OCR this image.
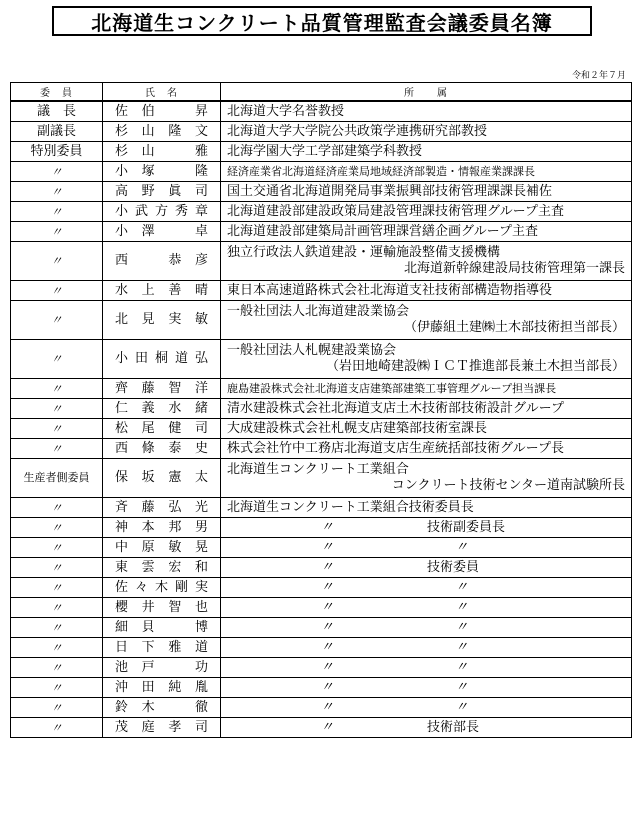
北海道生コンクリート品質管理監査会議委員名簿
令和２年７月
委　員	氏　名	所　　属
議　長	佐伯　昇	北海道大学名誉教授
副議長	杉山隆文	北海道大学大学院公共政策学連携研究部教授
特別委員	杉山　雅	北海学園大学工学部建築学科教授
〃	小塚　隆	経済産業省北海道経済産業局地域経済部製造・情報産業課課長
〃	高野眞司	国土交通省北海道開発局事業振興部技術管理課課長補佐
〃	小武方秀章	北海道建設部建設政策局建設管理課技術管理グループ主査
〃	小澤　卓	北海道建設部建築局計画管理課営繕企画グループ主査
〃	西　恭彦	独立行政法人鉄道建設・運輸施設整備支援機構
北海道新幹線建設局技術管理第一課長

〃	水上善晴	東日本高速道路株式会社北海道支社技術部構造物指導役
〃	北見実敏	一般社団法人北海道建設業協会
（伊藤組土建㈱土木部技術担当部長）

〃	小田桐道弘	一般社団法人札幌建設業協会
（岩田地崎建設㈱ＩＣＴ推進部長兼土木担当部長）

〃	齊藤智洋	鹿島建設株式会社北海道支店建築部建築工事管理グループ担当課長
〃	仁義水緒	清水建設株式会社北海道支店土木技術部技術設計グループ
〃	松尾健司	大成建設株式会社札幌支店建築部技術室課長
〃	西條泰史	株式会社竹中工務店北海道支店生産統括部技術グループ長
生産者側委員	保坂憲太	北海道生コンクリート工業組合
コンクリート技術センター道南試験所長

〃	斉藤弘光	北海道生コンクリート工業組合技術委員長
〃	神本邦男	〃 技術副委員長

〃	中原敏晃	〃 〃

〃	東雲宏和	〃 技術委員

〃	佐々木剛実	〃 〃

〃	櫻井智也	〃 〃

〃	細貝　博	〃 〃

〃	日下雅道	〃 〃

〃	池戸　功	〃 〃

〃	沖田純胤	〃 〃

〃	鈴木　徹	〃 〃

〃	茂庭孝司	〃 技術部長
